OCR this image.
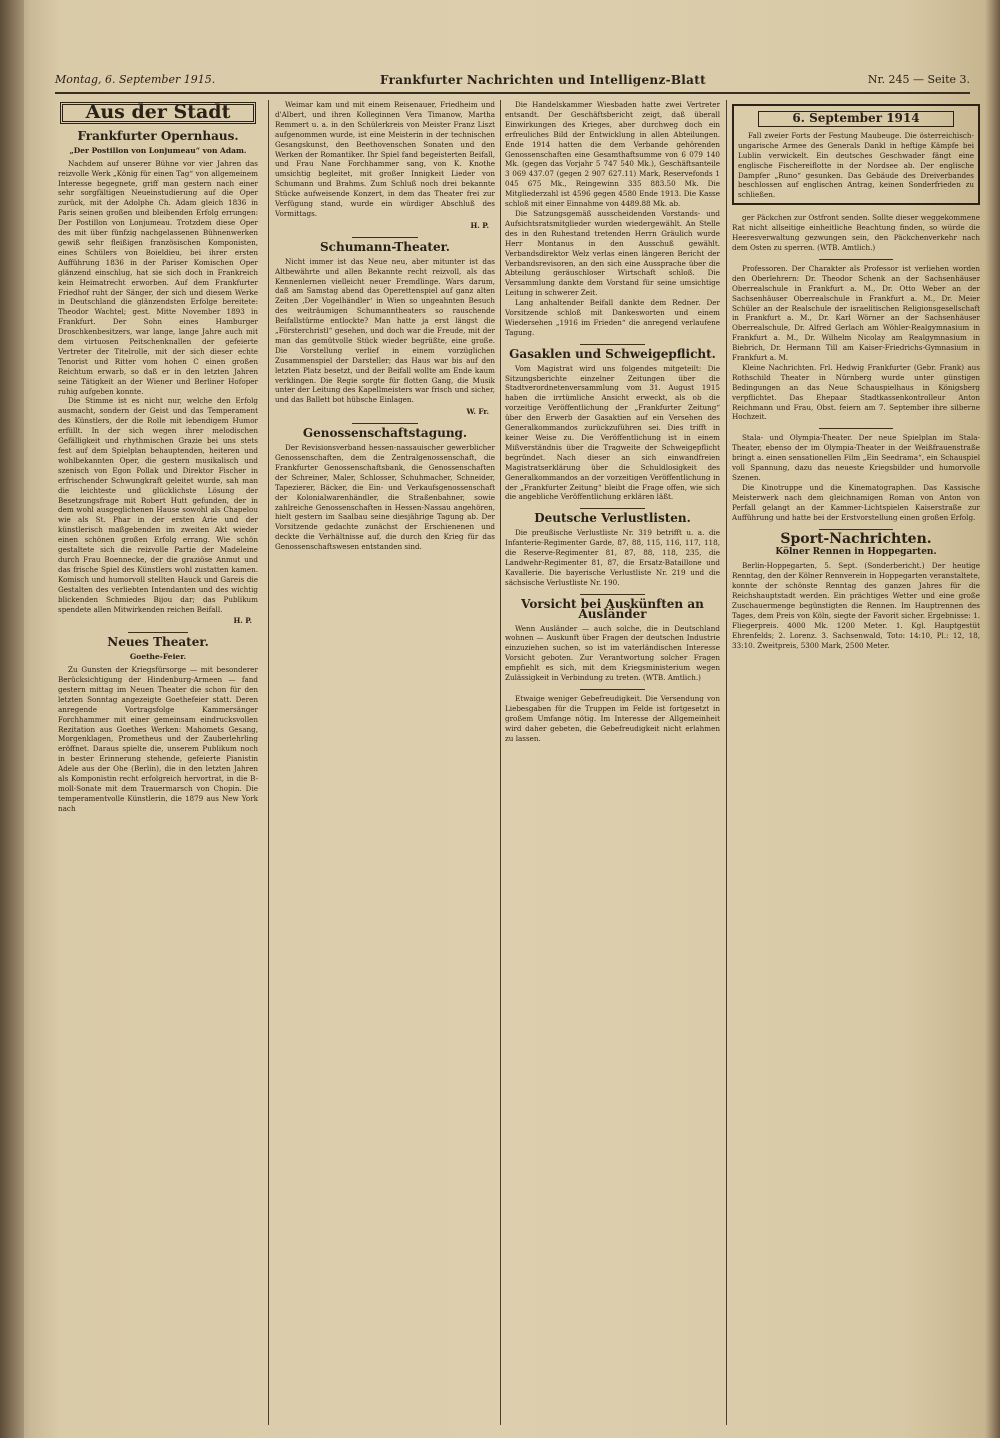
Montag, 6. September 1915.	Frankfurter Nachrichten und Intelligenz-Blatt	Nr. 245 — Seite 3.
Aus der Stadt
Frankfurter Opernhaus.
„Der Postillon von Lonjumeau“ von Adam.

Nachdem auf unserer Bühne vor vier Jahren das reizvolle Werk „König für einen Tag“ von allgemeinem Interesse begegnete, griff man gestern nach einer sehr sorgfältigen Neueinstudierung auf die Oper zurück, mit der Adolphe Ch. Adam gleich 1836 in Paris seinen großen und bleibenden Erfolg errungen: Der Postillon von Lonjumeau. Trotzdem diese Oper des mit über fünfzig nachgelassenen Bühnenwerken gewiß sehr fleißigen französischen Komponisten, eines Schülers von Boieldieu, bei ihrer ersten Aufführung 1836 in der Pariser Komischen Oper glänzend einschlug, hat sie sich doch in Frankreich kein Heimatrecht erworben. Auf dem Frankfurter Friedhof ruht der Sänger, der sich und diesem Werke in Deutschland die glänzendsten Erfolge bereitete: Theodor Wachtel; gest. Mitte November 1893 in Frankfurt. Der Sohn eines Hamburger Droschkenbesitzers, war lange, lange Jahre auch mit dem virtuosen Peitschenknallen der gefeierte Vertreter der Titelrolle, mit der sich dieser echte Tenorist und Ritter vom hohen C einen großen Reichtum erwarb, so daß er in den letzten Jahren seine Tätigkeit an der Wiener und Berliner Hofoper ruhig aufgeben konnte.

Die Stimme ist es nicht nur, welche den Erfolg ausmacht, sondern der Geist und das Temperament des Künstlers, der die Rolle mit lebendigem Humor erfüllt. In der sich wegen ihrer melodischen Gefälligkeit und rhythmischen Grazie bei uns stets fest auf dem Spielplan behauptenden, heiteren und wohlbekannten Oper, die gestern musikalisch und szenisch von Egon Pollak und Direktor Fischer in erfrischender Schwungkraft geleitet wurde, sah man die leichteste und glücklichste Lösung der Besetzungsfrage mit Robert Hutt gefunden, der in dem wohl ausgeglichenen Hause sowohl als Chapelou wie als St. Phar in der ersten Arie und der künstlerisch maßgebenden im zweiten Akt wieder einen schönen großen Erfolg errang. Wie schön gestaltete sich die reizvolle Partie der Madeleine durch Frau Boennecke, der die graziöse Anmut und das frische Spiel des Künstlers wohl zustatten kamen. Komisch und humorvoll stellten Hauck und Gareis die Gestalten des verliebten Intendanten und des wichtig blickenden Schmiedes Bijou dar; das Publikum spendete allen Mitwirkenden reichen Beifall.

H. P.
Neues Theater.
Goethe-Feier.

Zu Gunsten der Kriegsfürsorge — mit besonderer Berücksichtigung der Hindenburg-Armeen — fand gestern mittag im Neuen Theater die schon für den letzten Sonntag angezeigte Goethefeier statt. Deren anregende Vortragsfolge Kammersänger Forchhammer mit einer gemeinsam eindrucksvollen Rezitation aus Goethes Werken: Mahomets Gesang, Morgenklagen, Prometheus und der Zauberlehrling eröffnet. Daraus spielte die, unserem Publikum noch in bester Erinnerung stehende, gefeierte Pianistin Adele aus der Ohe (Berlin), die in den letzten Jahren als Komponistin recht erfolgreich hervortrat, in die B-moll-Sonate mit dem Trauermarsch von Chopin. Die temperamentvolle Künstlerin, die 1879 aus New York nach

Weimar kam und mit einem Reisenauer, Friedheim und d'Albert, und ihren Kolleginnen Vera Timanow, Martha Remmert u. a. in den Schülerkreis von Meister Franz Liszt aufgenommen wurde, ist eine Meisterin in der technischen Gesangskunst, den Beethovenschen Sonaten und den Werken der Romantiker. Ihr Spiel fand begeisterten Beifall, und Frau Nane Forchhammer sang, von K. Knothe umsichtig begleitet, mit großer Innigkeit Lieder von Schumann und Brahms. Zum Schluß noch drei bekannte Stücke aufweisende Konzert, in dem das Theater frei zur Verfügung stand, wurde ein würdiger Abschluß des Vormittags.

H. P.
Schumann-Theater.

Nicht immer ist das Neue neu, aber mitunter ist das Altbewährte und allen Bekannte recht reizvoll, als das Kennenlernen vielleicht neuer Fremdlinge. Wars darum, daß am Samstag abend das Operettenspiel auf ganz alten Zeiten ‚Der Vogelhändler‘ in Wien so ungeahnten Besuch des weiträumigen Schumanntheaters so rauschende Beifallstürme entlockte? Man hatte ja erst längst die „Försterchristl“ gesehen, und doch war die Freude, mit der man das gemütvolle Stück wieder begrüßte, eine große. Die Vorstellung verlief in einem vorzüglichen Zusammenspiel der Darsteller; das Haus war bis auf den letzten Platz besetzt, und der Beifall wollte am Ende kaum verklingen. Die Regie sorgte für flotten Gang, die Musik unter der Leitung des Kapellmeisters war frisch und sicher, und das Ballett bot hübsche Einlagen.

W. Fr.
Genossenschaftstagung.

Der Revisionsverband hessen-nassauischer gewerblicher Genossenschaften, dem die Zentralgenossenschaft, die Frankfurter Genossenschaftsbank, die Genossenschaften der Schreiner, Maler, Schlosser, Schuhmacher, Schneider, Tapezierer, Bäcker, die Ein- und Verkaufsgenossenschaft der Kolonialwarenhändler, die Straßenbahner, sowie zahlreiche Genossenschaften in Hessen-Nassau angehören, hielt gestern im Saalbau seine diesjährige Tagung ab. Der Vorsitzende gedachte zunächst der Erschienenen und deckte die Verhältnisse auf, die durch den Krieg für das Genossenschaftswesen entstanden sind.

Die Handelskammer Wiesbaden hatte zwei Vertreter entsandt. Der Geschäftsbericht zeigt, daß überall Einwirkungen des Krieges, aber durchweg doch ein erfreuliches Bild der Entwicklung in allen Abteilungen. Ende 1914 hatten die dem Verbande gehörenden Genossenschaften eine Gesamthaftsumme von 6 079 140 Mk. (gegen das Vorjahr 5 747 540 Mk.), Geschäftsanteile 3 069 437.07 (gegen 2 907 627.11) Mark, Reservefonds 1 045 675 Mk., Reingewinn 335 883.50 Mk. Die Mitgliederzahl ist 4596 gegen 4580 Ende 1913. Die Kasse schloß mit einer Einnahme von 4489.88 Mk. ab.

Die Satzungsgemäß ausscheidenden Vorstands- und Aufsichtsratsmitglieder wurden wiedergewählt. An Stelle des in den Ruhestand tretenden Herrn Gräulich wurde Herr Montanus in den Ausschuß gewählt. Verbandsdirektor Welz verlas einen längeren Bericht der Verbandsrevisoren, an den sich eine Aussprache über die Abteilung geräuschloser Wirtschaft schloß. Die Versammlung dankte dem Vorstand für seine umsichtige Leitung in schwerer Zeit.

Lang anhaltender Beifall dankte dem Redner. Der Vorsitzende schloß mit Dankesworten und einem Wiedersehen „1916 im Frieden“ die anregend verlaufene Tagung.

Gasaklen und Schweigepflicht.

Vom Magistrat wird uns folgendes mitgeteilt: Die Sitzungsberichte einzelner Zeitungen über die Stadtverordnetenversammlung vom 31. August 1915 haben die irrtümliche Ansicht erweckt, als ob die vorzeitige Veröffentlichung der „Frankfurter Zeitung“ über den Erwerb der Gasaktien auf ein Versehen des Generalkommandos zurückzuführen sei. Dies trifft in keiner Weise zu. Die Veröffentlichung ist in einem Mißverständnis über die Tragweite der Schweigepflicht begründet. Nach dieser an sich einwandfreien Magistratserklärung über die Schuldlosigkeit des Generalkommandos an der vorzeitigen Veröffentlichung in der „Frankfurter Zeitung“ bleibt die Frage offen, wie sich die angebliche Veröffentlichung erklären läßt.

Deutsche Verlustlisten.

Die preußische Verlustliste Nr. 319 betrifft u. a. die Infanterie-Regimenter Garde, 87, 88, 115, 116, 117, 118, die Reserve-Regimenter 81, 87, 88, 118, 235, die Landwehr-Regimenter 81, 87, die Ersatz-Bataillone und Kavallerie. Die bayerische Verlustliste Nr. 219 und die sächsische Verlustliste Nr. 190.

Vorsicht bei Auskünften an Ausländer

Wenn Ausländer — auch solche, die in Deutschland wohnen — Auskunft über Fragen der deutschen Industrie einzuziehen suchen, so ist im vaterländischen Interesse Vorsicht geboten. Zur Verantwortung solcher Fragen empfiehlt es sich, mit dem Kriegsministerium wegen Zulässigkeit in Verbindung zu treten. (WTB. Amtlich.)

Etwaige weniger Gebefreudigkeit. Die Versendung von Liebesgaben für die Truppen im Felde ist fortgesetzt in großem Umfange nötig. Im Interesse der Allgemeinheit wird daher gebeten, die Gebefreudigkeit nicht erlahmen zu lassen.

6. September 1914

Fall zweier Forts der Festung Maubeuge. Die österreichisch-ungarische Armee des Generals Dankl in heftige Kämpfe bei Lublin verwickelt. Ein deutsches Geschwader fängt eine englische Fischereiflotte in der Nordsee ab. Der englische Dampfer „Runo“ gesunken. Das Gebäude des Dreiverbandes beschlossen auf englischen Antrag, keinen Sonderfrieden zu schließen.

ger Päckchen zur Ostfront senden. Sollte dieser weggekommene Rat nicht allseitige einheitliche Beachtung finden, so würde die Heeresverwaltung gezwungen sein, den Päckchenverkehr nach dem Osten zu sperren. (WTB. Amtlich.)

Professoren. Der Charakter als Professor ist verliehen worden den Oberlehrern: Dr. Theodor Schenk an der Sachsenhäuser Oberrealschule in Frankfurt a. M., Dr. Otto Weber an der Sachsenhäuser Oberrealschule in Frankfurt a. M., Dr. Meier Schüler an der Realschule der israelitischen Religionsgesellschaft in Frankfurt a. M., Dr. Karl Wörner an der Sachsenhäuser Oberrealschule, Dr. Alfred Gerlach am Wöhler-Realgymnasium in Frankfurt a. M., Dr. Wilhelm Nicolay am Realgymnasium in Biebrich, Dr. Hermann Till am Kaiser-Friedrichs-Gymnasium in Frankfurt a. M.

Kleine Nachrichten. Frl. Hedwig Frankfurter (Gebr. Frank) aus Rothschild Theater in Nürnberg wurde unter günstigen Bedingungen an das Neue Schauspielhaus in Königsberg verpflichtet. Das Ehepaar Stadtkassenkontrolleur Anton Reichmann und Frau, Obst. feiern am 7. September ihre silberne Hochzeit.

Stala- und Olympia-Theater. Der neue Spielplan im Stala-Theater, ebenso der im Olympia-Theater in der Weißfrauenstraße bringt a. einen sensationellen Film „Ein Seedrama“, ein Schauspiel voll Spannung, dazu das neueste Kriegsbilder und humorvolle Szenen.

Die Kinotruppe und die Kinematographen. Das Kassische Meisterwerk nach dem gleichnamigen Roman von Anton von Perfall gelangt an der Kammer-Lichtspielen Kaiserstraße zur Aufführung und hatte bei der Erstvorstellung einen großen Erfolg.

Sport-Nachrichten.
Kölner Rennen in Hoppegarten.

Berlin-Hoppegarten, 5. Sept. (Sonderbericht.) Der heutige Renntag, den der Kölner Rennverein in Hoppegarten veranstaltete, konnte der schönste Renntag des ganzen Jahres für die Reichshauptstadt werden. Ein prächtiges Wetter und eine große Zuschauermenge begünstigten die Rennen. Im Hauptrennen des Tages, dem Preis von Köln, siegte der Favorit sicher. Ergebnisse: 1. Fliegerpreis. 4000 Mk. 1200 Meter. 1. Kgl. Hauptgestüt Ehrenfelds; 2. Lorenz. 3. Sachsenwald, Toto: 14:10, Pl.: 12, 18, 33:10. Zweitpreis, 5300 Mark, 2500 Meter.
